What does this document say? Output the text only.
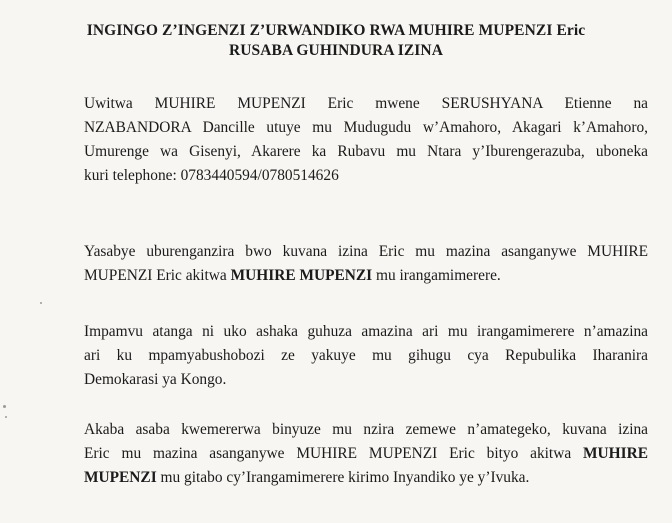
INGINGO Z’INGENZI Z’URWANDIKO RWA MUHIRE MUPENZI Eric
RUSABA GUHINDURA IZINA
Uwitwa MUHIRE MUPENZI Eric mwene SERUSHYANA Etienne na
NZABANDORA Dancille utuye mu Mudugudu w’Amahoro, Akagari k’Amahoro,
Umurenge wa Gisenyi, Akarere ka Rubavu mu Ntara y’Iburengerazuba, uboneka
kuri telephone: 0783440594/0780514626
Yasabye uburenganzira bwo kuvana izina Eric mu mazina asanganywe MUHIRE
MUPENZI Eric akitwa MUHIRE MUPENZI mu irangamimerere.
Impamvu atanga ni uko ashaka guhuza amazina ari mu irangamimerere n’amazina
ari ku mpamyabushobozi ze yakuye mu gihugu cya Repubulika Iharanira
Demokarasi ya Kongo.
Akaba asaba kwemererwa binyuze mu nzira zemewe n’amategeko, kuvana izina
Eric mu mazina asanganywe MUHIRE MUPENZI Eric bityo akitwa MUHIRE
MUPENZI mu gitabo cy’Irangamimerere kirimo Inyandiko ye y’Ivuka.
